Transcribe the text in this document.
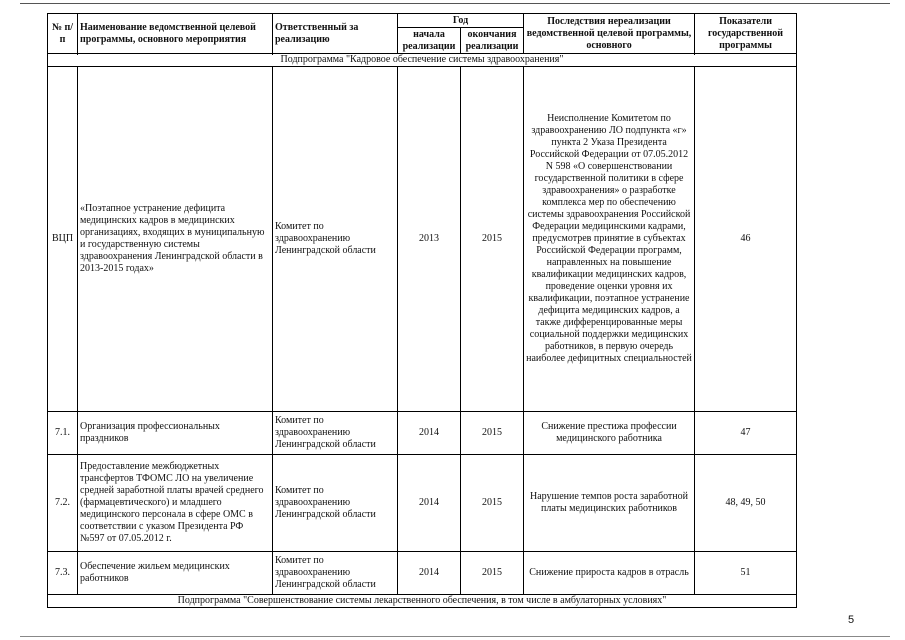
№ п/п	Наименование ведомственной целевой программы, основного мероприятия	Ответственный за реализацию	Год		Последствия нереализации ведомственной целевой программы, основного	Показатели государственной программы
			начала реализации	окончания реализации		

Подпрограмма "Кадровое обеспечение системы здравоохранения"						
ВЦП	«Поэтапное устранение дефицита медицинских кадров в медицинских организациях, входящих в муниципальную и государственную системы здравоохранения Ленинградской области в 2013-2015 годах»	Комитет по здравоохранению Ленинградской области	2013	2015	Неисполнение Комитетом по здравоохранению ЛО подпункта «г» пункта 2 Указа Президента Российской Федерации от 07.05.2012 N 598 «О совершенствовании государственной политики в сфере здравоохранения» о разработке комплекса мер по обеспечению системы здравоохранения Российской Федерации медицинскими кадрами, предусмотрев принятие в субъектах Российской Федерации программ, направленных на повышение квалификации медицинских кадров, проведение оценки уровня их квалификации, поэтапное устранение дефицита медицинских кадров, а также дифференцированные меры социальной поддержки медицинских работников, в первую очередь наиболее дефицитных специальностей	46
7.1.	Организация профессиональных праздников	Комитет по здравоохранению Ленинградской области	2014	2015	Снижение престижа профессии медицинского работника	47
7.2.	Предоставление межбюджетных трансфертов ТФОМС ЛО на увеличение средней заработной платы врачей среднего (фармацевтического) и младшего медицинского персонала в сфере ОМС в соответствии с указом Президента РФ №597 от 07.05.2012 г.	Комитет по здравоохранению Ленинградской области	2014	2015	Нарушение темпов роста заработной платы медицинских работников	48, 49, 50
7.3.	Обеспечение жильем медицинских работников	Комитет по здравоохранению Ленинградской области	2014	2015	Снижение прироста кадров в отрасль	51
Подпрограмма "Совершенствование системы лекарственного обеспечения, в том числе в амбулаторных условиях"						
5
